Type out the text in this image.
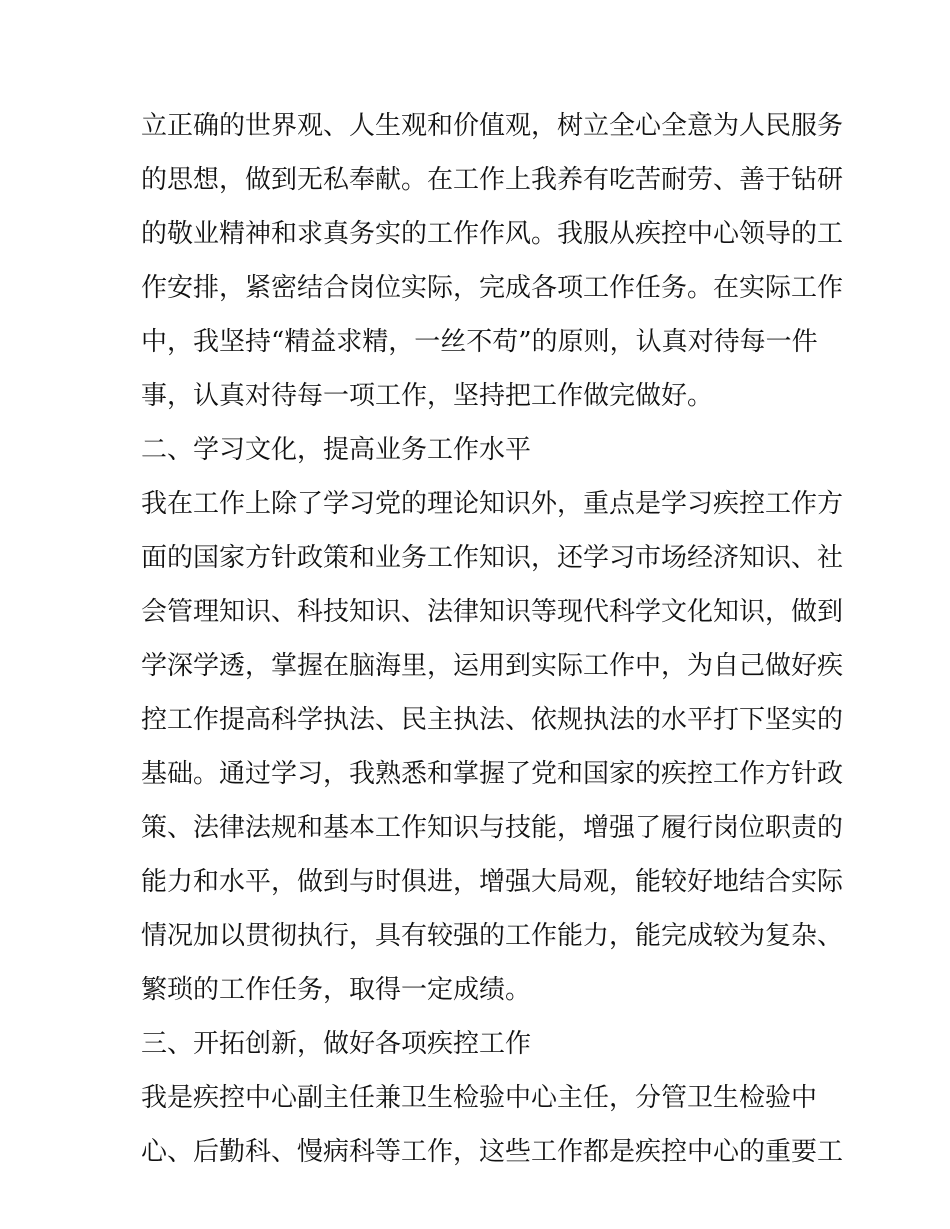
立正确的世界观、人生观和价值观，树立全心全意为人民服务
的思想，做到无私奉献。在工作上我养有吃苦耐劳、善于钻研
的敬业精神和求真务实的工作作风。我服从疾控中心领导的工
作安排，紧密结合岗位实际，完成各项工作任务。在实际工作
中，我坚持“精益求精，一丝不苟”的原则，认真对待每一件
事，认真对待每一项工作，坚持把工作做完做好。
二、学习文化，提高业务工作水平
我在工作上除了学习党的理论知识外，重点是学习疾控工作方
面的国家方针政策和业务工作知识，还学习市场经济知识、社
会管理知识、科技知识、法律知识等现代科学文化知识，做到
学深学透，掌握在脑海里，运用到实际工作中，为自己做好疾
控工作提高科学执法、民主执法、依规执法的水平打下坚实的
基础。通过学习，我熟悉和掌握了党和国家的疾控工作方针政
策、法律法规和基本工作知识与技能，增强了履行岗位职责的
能力和水平，做到与时俱进，增强大局观，能较好地结合实际
情况加以贯彻执行，具有较强的工作能力，能完成较为复杂、
繁琐的工作任务，取得一定成绩。
三、开拓创新，做好各项疾控工作
我是疾控中心副主任兼卫生检验中心主任，分管卫生检验中
心、后勤科、慢病科等工作，这些工作都是疾控中心的重要工
